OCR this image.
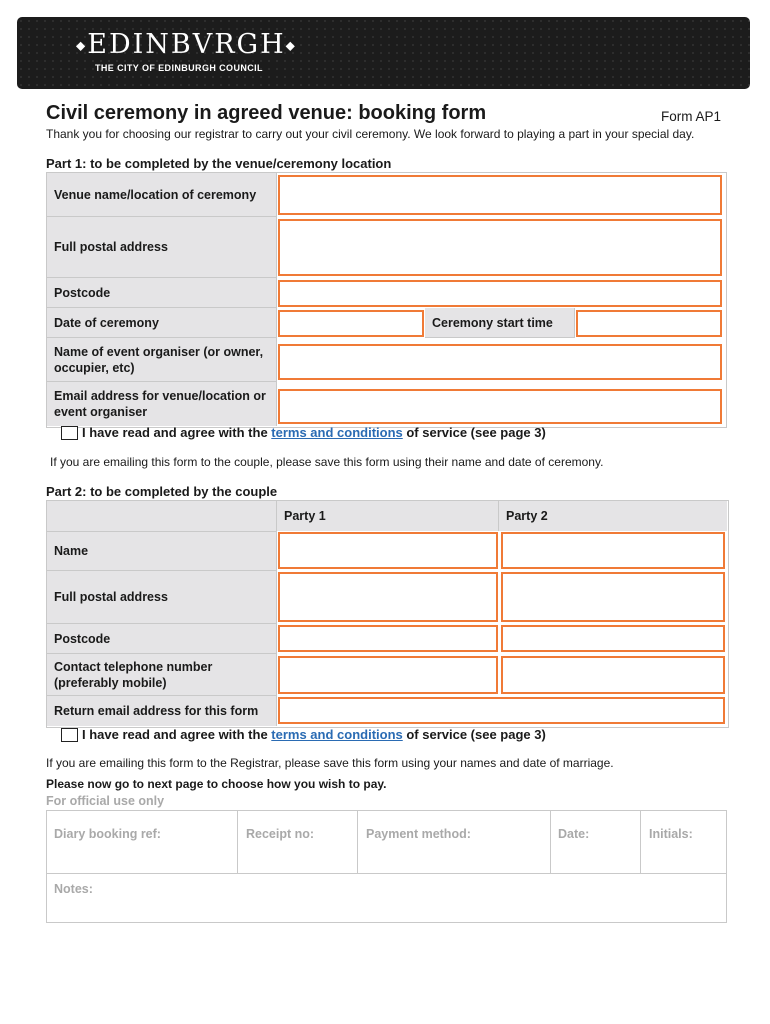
◆EDINBVRGH◆
THE CITY OF EDINBURGH COUNCIL
Civil ceremony in agreed venue: booking form	Form AP1
Thank you for choosing our registrar to carry out your civil ceremony. We look forward to playing a part in your special day.
Part 1: to be completed by the venue/ceremony location
Venue name/location of ceremony
Full postal address
Postcode
Date of ceremony	Ceremony start time
Name of event organiser (or owner, occupier, etc)
Email address for venue/location or event organiser
I have read and agree with the terms and conditions of service (see page 3)
If you are emailing this form to the couple, please save this form using their name and date of ceremony.
Part 2: to be completed by the couple
Party 1	Party 2
Name
Full postal address
Postcode
Contact telephone number (preferably mobile)
Return email address for this form
I have read and agree with the terms and conditions of service (see page 3)
If you are emailing this form to the Registrar, please save this form using your names and date of marriage.
Please now go to next page to choose how you wish to pay.
For official use only
Diary booking ref:	Receipt no:	Payment method:	Date:	Initials:
Notes:
